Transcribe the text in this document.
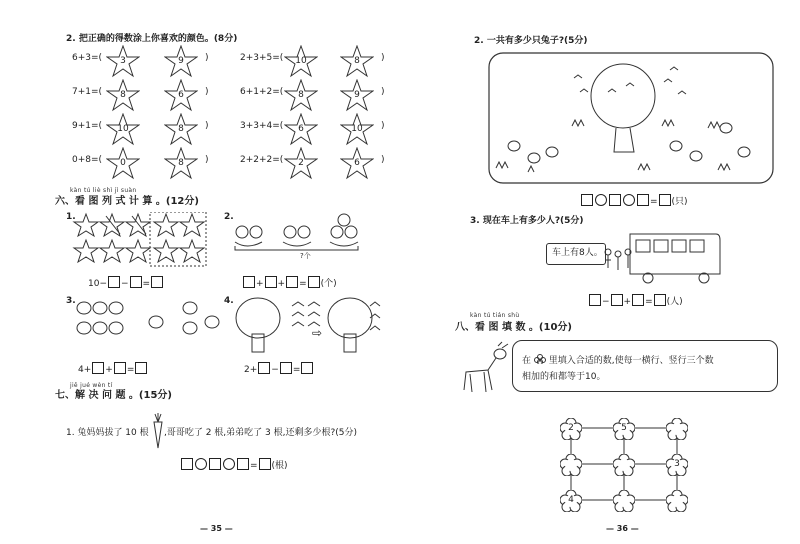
2. 把正确的得数涂上你喜欢的颜色。(8分)
6+3=(	3	9	)	2+3+5=(	10	8	)
7+1=(	8	6	)	6+1+2=(	8	9	)
9+1=(	10	8	)	3+3+4=(	6	10	)
0+8=(	0	8	)	2+2+2=(	2	6	)
kàn tú liè shì jì suàn
六、看 图 列 式 计 算 。(12分)
1.
10− − =
2.
?个
+ + = (个)
3.
4+ + =
4.
⇨
2+ − =
jiě jué wèn tí
七、解 决 问 题 。(15分)
1. 兔妈妈拔了 10 根 ,哥哥吃了 2 根,弟弟吃了 3 根,还剩多少根?(5分)
= (根)
— 35 —
2. 一共有多少只兔子?(5分)
= (只)
3. 现在车上有多少人?(5分)
车上有8人。
− + = (人)
kàn tú tián shù
八、看 图 填 数 。(10分)
在 里填入合适的数,使每一横行、竖行三个数
相加的和都等于10。
2	5
3
4
— 36 —
